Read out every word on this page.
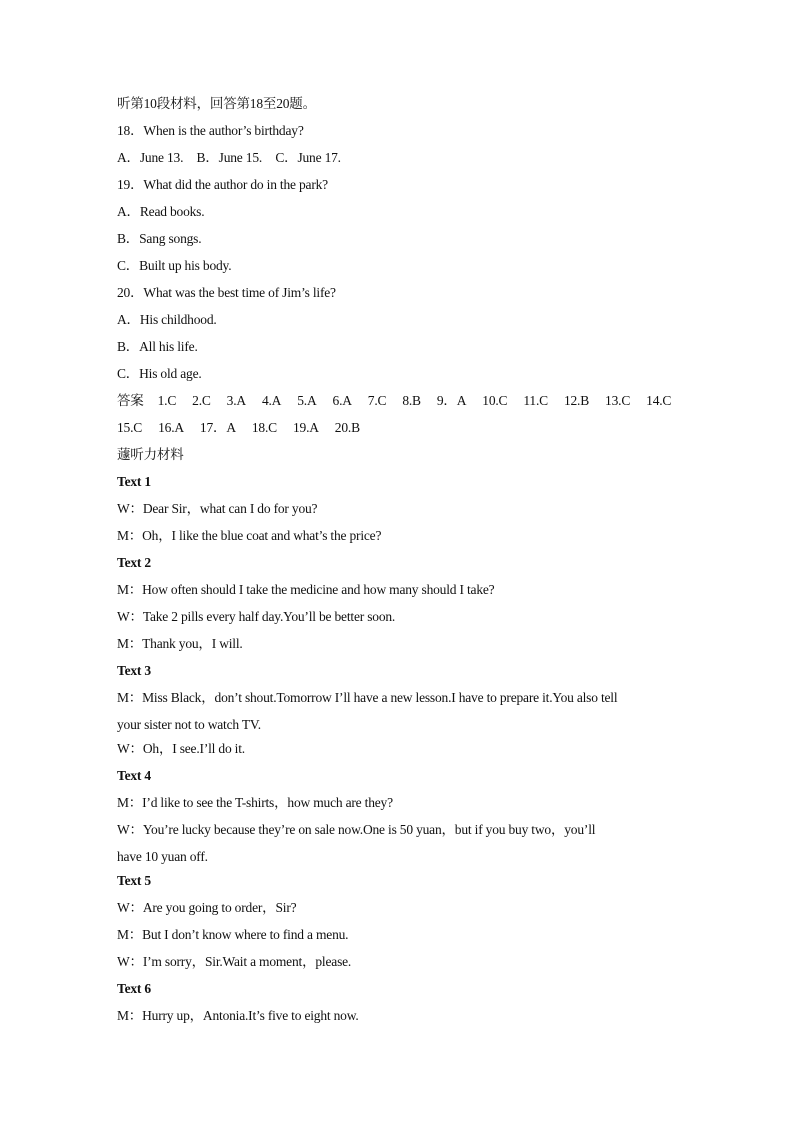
听第10段材料，回答第18至20题。
18．When is the author’s birthday?
A．June 13.　B．June 15.　C．June 17.
19．What did the author do in the park?
A．Read books.
B．Sang songs.
C．Built up his body.
20．What was the best time of Jim’s life?
A．His childhood.
B．All his life.
C．His old age.
答案 1.C 2.C 3.A 4.A 5.A 6.A 7.C 8.B 9．A 10.C 11.C 12.B 13.C 14.C
15.C 16.A 17．A 18.C 19.A 20.B
蘧听力材料
Text 1
W：Dear Sir，what can I do for you?
M：Oh，I like the blue coat and what’s the price?
Text 2
M：How often should I take the medicine and how many should I take?
W：Take 2 pills every half day.You’ll be better soon.
M：Thank you，I will.
Text 3
M：Miss Black，don’t shout.Tomorrow I’ll have a new lesson.I have to prepare it.You also tell
your sister not to watch TV.
W：Oh，I see.I’ll do it.
Text 4
M：I’d like to see the T-shirts，how much are they?
W：You’re lucky because they’re on sale now.One is 50 yuan，but if you buy two，you’ll
have 10 yuan off.
Text 5
W：Are you going to order，Sir?
M：But I don’t know where to find a menu.
W：I’m sorry，Sir.Wait a moment，please.
Text 6
M：Hurry up，Antonia.It’s five to eight now.
